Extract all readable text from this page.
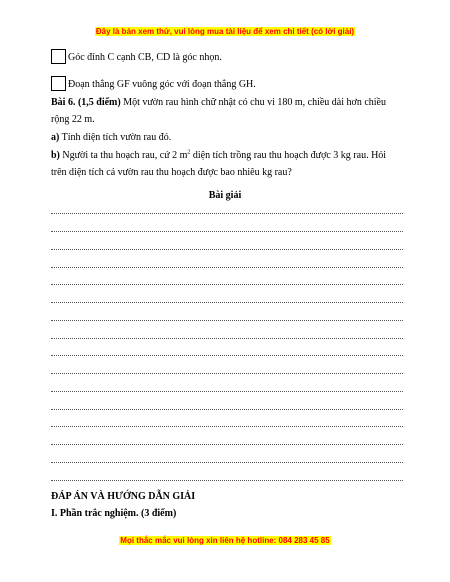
Đây là bản xem thử, vui lòng mua tài liệu để xem chi tiết (có lời giải)
Góc đỉnh C cạnh CB, CD là góc nhọn.
Đoạn thẳng GF vuông góc với đoạn thẳng GH.
Bài 6. (1,5 điểm) Một vườn rau hình chữ nhật có chu vi 180 m, chiều dài hơn chiều
rộng 22 m.
a) Tính diện tích vườn rau đó.
b) Người ta thu hoạch rau, cứ 2 $m^2$ diện tích trồng rau thu hoạch được 3 kg rau. Hỏi
trên diện tích cả vườn rau thu hoạch được bao nhiêu kg rau?
Bài giải
ĐÁP ÁN VÀ HƯỚNG DẪN GIẢI
I. Phần trắc nghiệm. (3 điểm)
Mọi thắc mắc vui lòng xin liên hệ hotline: 084 283 45 85
